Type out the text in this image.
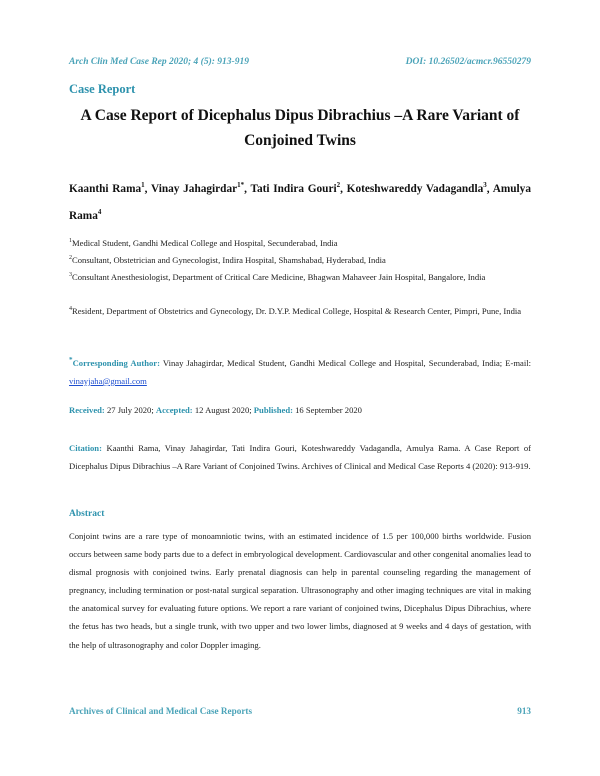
Arch Clin Med Case Rep 2020; 4 (5): 913-919	DOI: 10.26502/acmcr.96550279
Case Report
A Case Report of Dicephalus Dipus Dibrachius –A Rare Variant of Conjoined Twins
Kaanthi Rama$^1$, Vinay Jahagirdar$^{1*}$, Tati Indira Gouri$^2$, Koteshwareddy Vadagandla$^3$, Amulya Rama$^4$
$^1$Medical Student, Gandhi Medical College and Hospital, Secunderabad, India
$^2$Consultant, Obstetrician and Gynecologist, Indira Hospital, Shamshabad, Hyderabad, India
$^3$Consultant Anesthesiologist, Department of Critical Care Medicine, Bhagwan Mahaveer Jain Hospital, Bangalore, India
$^4$Resident, Department of Obstetrics and Gynecology, Dr. D.Y.P. Medical College, Hospital & Research Center, Pimpri, Pune, India
*Corresponding Author: Vinay Jahagirdar, Medical Student, Gandhi Medical College and Hospital, Secunderabad, India; E-mail: vinayjaha@gmail.com
Received: 27 July 2020; Accepted: 12 August 2020; Published: 16 September 2020
Citation: Kaanthi Rama, Vinay Jahagirdar, Tati Indira Gouri, Koteshwareddy Vadagandla, Amulya Rama. A Case Report of Dicephalus Dipus Dibrachius –A Rare Variant of Conjoined Twins. Archives of Clinical and Medical Case Reports 4 (2020): 913-919.
Abstract
Conjoint twins are a rare type of monoamniotic twins, with an estimated incidence of 1.5 per 100,000 births worldwide. Fusion occurs between same body parts due to a defect in embryological development. Cardiovascular and other congenital anomalies lead to dismal prognosis with conjoined twins. Early prenatal diagnosis can help in parental counseling regarding the management of pregnancy, including termination or post-natal surgical separation. Ultrasonography and other imaging techniques are vital in making the anatomical survey for evaluating future options. We report a rare variant of conjoined twins, Dicephalus Dipus Dibrachius, where the fetus has two heads, but a single trunk, with two upper and two lower limbs, diagnosed at 9 weeks and 4 days of gestation, with the help of ultrasonography and color Doppler imaging.
Archives of Clinical and Medical Case Reports	913
